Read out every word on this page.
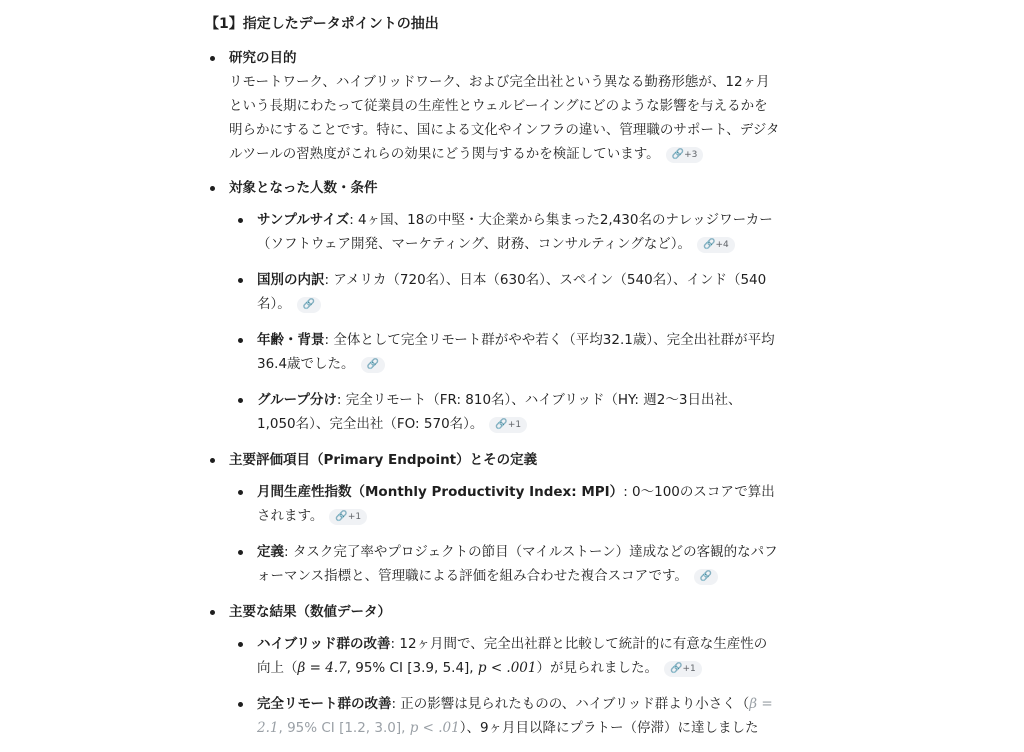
【1】指定したデータポイントの抽出
研究の目的
リモートワーク、ハイブリッドワーク、および完全出社という異なる勤務形態が、12ヶ月という長期にわたって従業員の生産性とウェルビーイングにどのような影響を与えるかを明らかにすることです。特に、国による文化やインフラの違い、管理職のサポート、デジタルツールの習熟度がこれらの効果にどう関与するかを検証しています。 🔗+3
対象となった人数・条件
サンプルサイズ: 4ヶ国、18の中堅・大企業から集まった2,430名のナレッジワーカー（ソフトウェア開発、マーケティング、財務、コンサルティングなど）。 🔗+4
国別の内訳: アメリカ（720名）、日本（630名）、スペイン（540名）、インド（540名）。 🔗
年齢・背景: 全体として完全リモート群がやや若く（平均32.1歳）、完全出社群が平均36.4歳でした。 🔗
グループ分け: 完全リモート（FR: 810名）、ハイブリッド（HY: 週2〜3日出社、1,050名）、完全出社（FO: 570名）。 🔗+1
主要評価項目（Primary Endpoint）とその定義
月間生産性指数（Monthly Productivity Index: MPI）: 0〜100のスコアで算出されます。 🔗+1
定義: タスク完了率やプロジェクトの節目（マイルストーン）達成などの客観的なパフォーマンス指標と、管理職による評価を組み合わせた複合スコアです。 🔗
主要な結果（数値データ）
ハイブリッド群の改善: 12ヶ月間で、完全出社群と比較して統計的に有意な生産性の向上（β = 4.7, 95% CI [3.9, 5.4], p < .001）が見られました。 🔗+1
完全リモート群の改善: 正の影響は見られたものの、ハイブリッド群より小さく（β = 2.1, 95% CI [1.2, 3.0], p < .01）、9ヶ月目以降にプラトー（停滞）に達しました
